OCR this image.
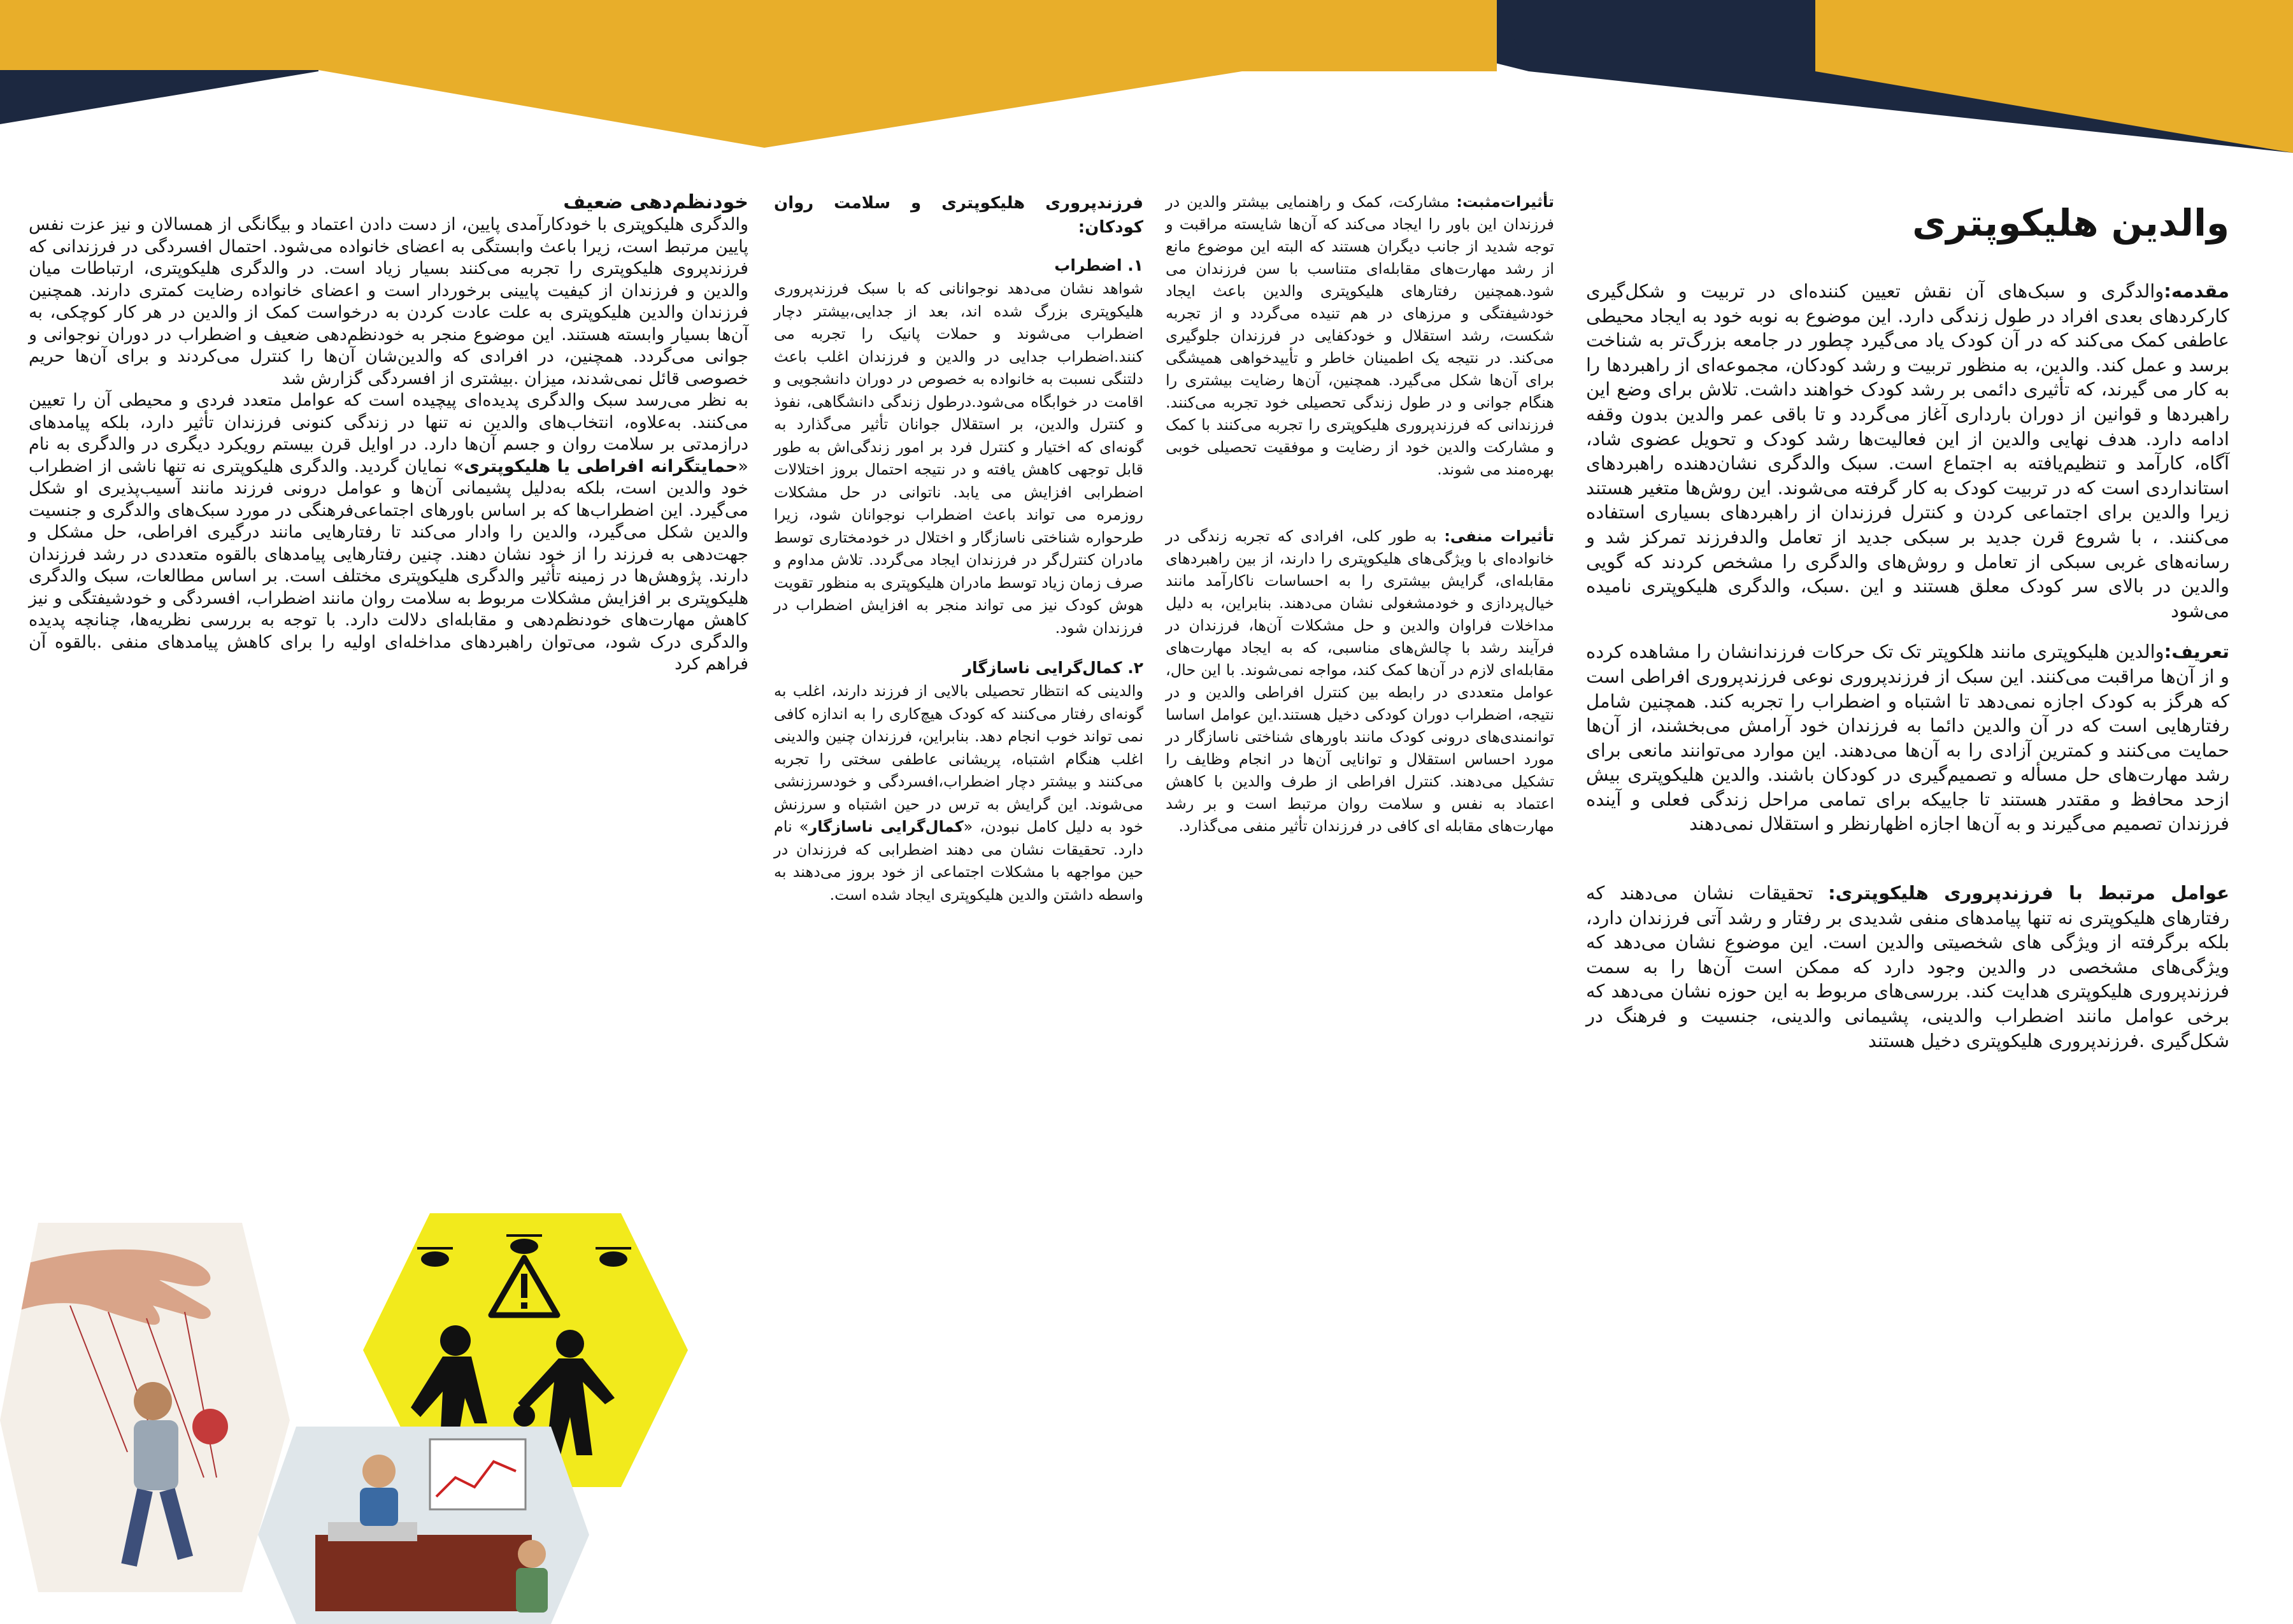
والدین هلیکوپتری

مقدمه:والدگری و سبک‌های آن نقش تعیین کننده‌ای در تربیت و شکل‌گیری کارکردهای بعدی افراد در طول زندگی دارد. این موضوع به نوبه خود به ایجاد محیطی عاطفی کمک می‌کند که در آن کودک یاد می‌گیرد چطور در جامعه بزرگ‌تر به شناخت برسد و عمل کند. والدین، به منظور تربیت و رشد کودکان، مجموعه‌ای از راهبردها را به کار می گیرند، که تأثیری دائمی بر رشد کودک خواهند داشت. تلاش برای وضع این راهبردها و قوانین از دوران بارداری آغاز می‌گردد و تا باقی عمر والدین بدون وقفه ادامه دارد. هدف نهایی والدین از این فعالیت‌ها رشد کودک و تحویل عضوی شاد، آگاه، کارآمد و تنظیم‌یافته به اجتماع است. سبک والدگری نشان‌دهنده راهبردهای استانداردی است که در تربیت کودک به کار گرفته می‌شوند. این روش‌ها متغیر هستند زیرا والدین برای اجتماعی کردن و کنترل فرزندان از راهبردهای بسیاری استفاده می‌کنند. ، با شروع قرن جدید بر سبکی جدید از تعامل والدفرزند تمرکز شد و رسانه‌های غربی سبکی از تعامل و روش‌های والدگری را مشخص کردند که گویی والدین در بالای سر کودک معلق هستند و این .سبک، والدگری هلیکوپتری نامیده می‌شود

تعریف:والدین هلیکوپتری مانند هلکوپتر تک تک حرکات فرزندانشان را مشاهده کرده و از آن‌ها مراقبت می‌کنند. این سبک از فرزندپروری نوعی فرزندپروری افراطی است که هرگز به کودک اجازه نمی‌دهد تا اشتباه و اضطراب را تجربه کند. همچنین شامل رفتارهایی است که در آن والدین دائما به فرزندان خود آرامش می‌بخشند، از آن‌ها حمایت می‌کنند و کمترین آزادی را به آن‌ها می‌دهند. این موارد می‌توانند مانعی برای رشد مهارت‌های حل مسأله و تصمیم‌گیری در کودکان باشند. والدین هلیکوپتری بیش ازحد محافظ و مقتدر هستند تا جاییکه برای تمامی مراحل زندگی فعلی و آینده فرزندان تصمیم می‌گیرند و به آن‌ها اجازه اظهارنظر و استقلال نمی‌دهند

عوامل مرتبط با فرزندپروری هلیکوپتری: تحقیقات نشان می‌دهند که رفتارهای هلیکوپتری نه تنها پیامدهای منفی شدیدی بر رفتار و رشد آتی فرزندان دارد، بلکه برگرفته از ویژگی های شخصیتی والدین است. این موضوع نشان می‌دهد که ویژگی‌های مشخصی در والدین وجود دارد که ممکن است آن‌ها را به سمت فرزندپروری هلیکوپتری هدایت کند. بررسی‌های مربوط به این حوزه نشان می‌دهد که برخی عوامل مانند اضطراب والدینی، پشیمانی والدینی، جنسیت و فرهنگ در شکل‌گیری .فرزندپروری هلیکوپتری دخیل هستند

تأثیرات‌مثبت: مشارکت، کمک و راهنمایی بیشتر والدین در فرزندان این باور را ایجاد می‌کند که آن‌ها شایسته مراقبت و توجه شدید از جانب دیگران هستند که البته این موضوع مانع از رشد مهارت‌های مقابله‌ای متناسب با سن فرزندان می شود.همچنین رفتارهای هلیکوپتری والدین باعث ایجاد خودشیفتگی و مرزهای در هم تنیده می‌گردد و از تجربه شکست، رشد استقلال و خودکفایی در فرزندان جلوگیری می‌کند. در نتیجه یک اطمینان خاطر و تأییدخواهی همیشگی برای آن‌ها شکل می‌گیرد. همچنین، آن‌ها رضایت بیشتری را هنگام جوانی و در طول زندگی تحصیلی خود تجربه می‌کنند. فرزندانی که فرزندپروری هلیکوپتری را تجربه می‌کنند با کمک و مشارکت والدین خود از رضایت و موفقیت تحصیلی خوبی بهره‌مند می شوند.

تأثیرات منفی: به طور کلی، افرادی که تجربه زندگی در خانواده‌ای با ویژگی‌های هلیکوپتری را دارند، از بین راهبردهای مقابله‌ای، گرایش بیشتری را به احساسات ناکارآمد مانند خیال‌پردازی و خودمشغولی نشان می‌دهند. بنابراین، به دلیل مداخلات فراوان والدین و حل مشکلات آن‌ها، فرزندان در فرآیند رشد با چالش‌های مناسبی، که به ایجاد مهارت‌های مقابله‌ای لازم در آن‌ها کمک کند، مواجه نمی‌شوند. با این حال، عوامل متعددی در رابطه بین کنترل افراطی والدین و در نتیجه، اضطراب دوران کودکی دخیل هستند.این عوامل اساسا توانمندی‌های درونی کودک مانند باورهای شناختی ناسازگار در مورد احساس استقلال و توانایی آن‌ها در انجام وظایف را تشکیل می‌دهند. کنترل افراطی از طرف والدین با کاهش اعتماد به نفس و سلامت روان مرتبط است و بر رشد مهارت‌های مقابله ای کافی در فرزندان تأثیر منفی می‌گذارد.

فرزندپروری هلیکوپتری و سلامت روان کودکان:
۱. اضطراب

شواهد نشان می‌دهد نوجوانانی که با سبک فرزندپروری هلیکوپتری بزرگ شده اند، بعد از جدایی،بیشتر دچار اضطراب می‌شوند و حملات پانیک را تجربه می کنند.اضطراب جدایی در والدین و فرزندان اغلب باعث دلتنگی نسبت به خانواده به خصوص در دوران دانشجویی و اقامت در خوابگاه می‌شود.درطول زندگی دانشگاهی، نفوذ و کنترل والدین، بر استقلال جوانان تأثیر می‌گذارد به گونه‌ای که اختیار و کنترل فرد بر امور زندگی‌اش به طور قابل توجهی کاهش یافته و در نتیجه احتمال بروز اختلالات اضطرابی افزایش می یابد. ناتوانی در حل مشکلات روزمره می تواند باعث اضطراب نوجوانان شود، زیرا طرحواره شناختی ناسازگار و اختلال در خودمختاری توسط مادران کنترل‌گر در فرزندان ایجاد می‌گردد. تلاش مداوم و صرف زمان زیاد توسط مادران هلیکوپتری به منظور تقویت هوش کودک نیز می تواند منجر به افزایش اضطراب در فرزندان شود.

۲. کمال‌گرایی ناسازگار

والدینی که انتظار تحصیلی بالایی از فرزند دارند، اغلب به گونه‌ای رفتار می‌کنند که کودک هیچ‌کاری را به اندازه کافی نمی تواند خوب انجام دهد. بنابراین، فرزندان چنین والدینی اغلب هنگام اشتباه، پریشانی عاطفی سختی را تجربه می‌کنند و بیشتر دچار اضطراب،افسردگی و خودسرزنشی می‌شوند. این گرایش به ترس در حین اشتباه و سرزنش خود به دلیل کامل نبودن، «کمال‌گرایی ناسازگار» نام دارد. تحقیقات نشان می دهند اضطرابی که فرزندان در حین مواجهه با مشکلات اجتماعی از خود بروز می‌دهند به واسطه داشتن والدین هلیکوپتری ایجاد شده است.

خودنظم‌دهی ضعیف

والدگری هلیکوپتری با خودکارآمدی پایین، از دست دادن اعتماد و بیگانگی از همسالان و نیز عزت نفس پایین مرتبط است، زیرا باعث وابستگی به اعضای خانواده می‌شود. احتمال افسردگی در فرزندانی که فرزندپروی هلیکوپتری را تجربه می‌کنند بسیار زیاد است. در والدگری هلیکوپتری، ارتباطات میان والدین و فرزندان از کیفیت پایینی برخوردار است و اعضای خانواده رضایت کمتری دارند. همچنین فرزندان والدین هلیکوپتری به علت عادت کردن به درخواست کمک از والدین در هر کار کوچکی، به آن‌ها بسیار وابسته هستند. این موضوع منجر به خودنظم‌دهی ضعیف و اضطراب در دوران نوجوانی و جوانی می‌گردد. همچنین، در افرادی که والدین‌شان آن‌ها را کنترل می‌کردند و برای آن‌ها حریم خصوصی قائل نمی‌شدند، میزان .بیشتری از افسردگی گزارش شد

به نظر می‌رسد سبک والدگری پدیده‌ای پیچیده است که عوامل متعدد فردی و محیطی آن را تعیین می‌کنند. به‌علاوه، انتخاب‌های والدین نه تنها در زندگی کنونی فرزندان تأثیر دارد، بلکه پیامدهای درازمدتی بر سلامت روان و جسم آن‌ها دارد. در اوایل قرن بیستم رویکرد دیگری در والدگری به نام «حمایتگرانه افراطی یا هلیکوپتری» نمایان گردید. والدگری هلیکوپتری نه تنها ناشی از اضطراب خود والدین است، بلکه به‌دلیل پشیمانی آن‌ها و عوامل درونی فرزند مانند آسیب‌پذیری او شکل می‌گیرد. این اضطراب‌ها که بر اساس باورهای اجتماعی‌فرهنگی در مورد سبک‌های والدگری و جنسیت والدین شکل می‌گیرد، والدین را وادار می‌کند تا رفتارهایی مانند درگیری افراطی، حل مشکل و جهت‌دهی به فرزند را از خود نشان دهند. چنین رفتارهایی پیامدهای بالقوه متعددی در رشد فرزندان دارند. پژوهش‌ها در زمینه تأثیر والدگری هلیکوپتری مختلف است. بر اساس مطالعات، سبک والدگری هلیکوپتری بر افزایش مشکلات مربوط به سلامت روان مانند اضطراب، افسردگی و خودشیفتگی و نیز کاهش مهارت‌های خودنظم‌دهی و مقابله‌ای دلالت دارد. با توجه به بررسی نظریه‌ها، چنانچه پدیده والدگری درک شود، می‌توان راهبردهای مداخله‌ای اولیه را برای کاهش پیامدهای منفی .بالقوه آن فراهم کرد
